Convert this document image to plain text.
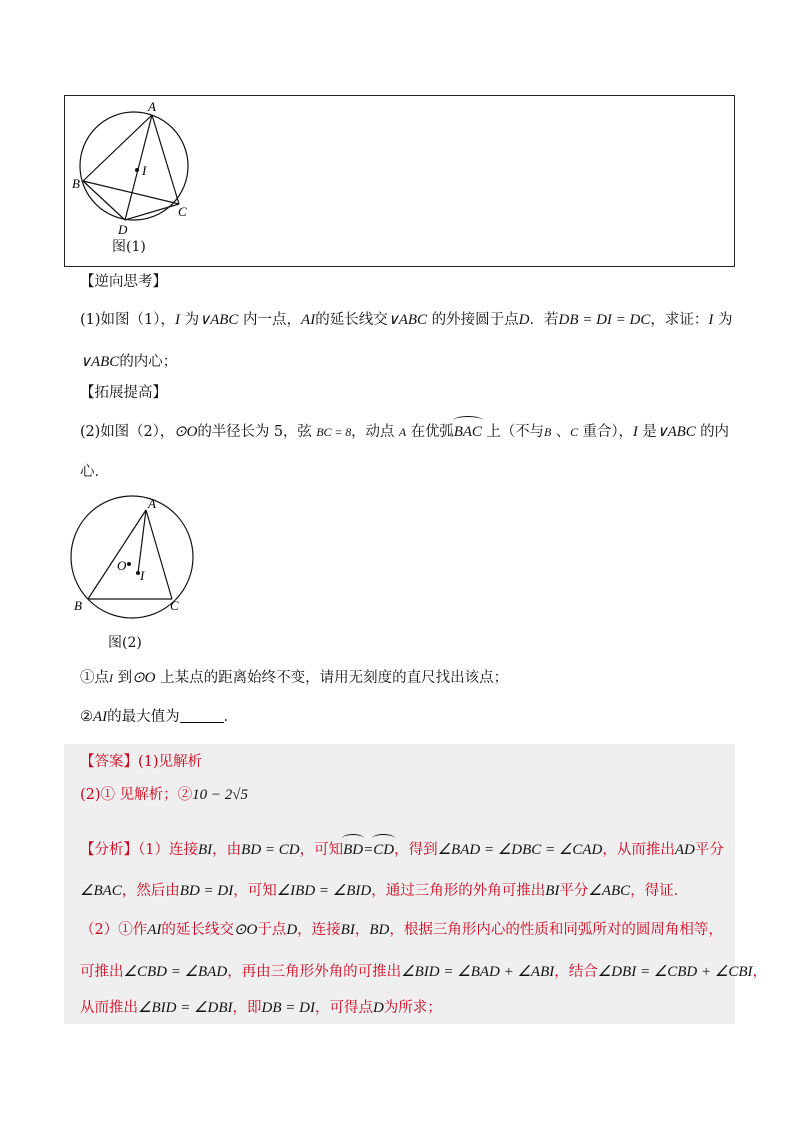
A
B
C
D
I
图(1)
【逆向思考】
(1)如图（1），I 为∨ABC 内一点，AI的延长线交∨ABC 的外接圆于点D．若DB = DI = DC，求证：I 为
∨ABC的内心；
【拓展提高】
(2)如图（2），⊙O的半径长为 5，弦 BC = 8，动点 A 在优弧BAC 上（不与B 、C 重合），I 是∨ABC 的内
心．
A
B	C
O
I
图(2)
①点I 到⊙O 上某点的距离始终不变，请用无刻度的直尺找出该点；
②AI的最大值为	．
【答案】(1)见解析
(2)① 见解析；②10 − 2√5
【分析】（1）连接BI，由BD = CD，可知BD=CD，得到∠BAD = ∠DBC = ∠CAD，从而推出AD平分
∠BAC，然后由BD = DI，可知∠IBD = ∠BID，通过三角形的外角可推出BI平分∠ABC，得证．
（2）①作AI的延长线交⊙O于点D，连接BI，BD，根据三角形内心的性质和同弧所对的圆周角相等，
可推出∠CBD = ∠BAD，再由三角形外角的可推出∠BID = ∠BAD + ∠ABI，结合∠DBI = ∠CBD + ∠CBI，
从而推出∠BID = ∠DBI，即DB = DI，可得点D为所求；
